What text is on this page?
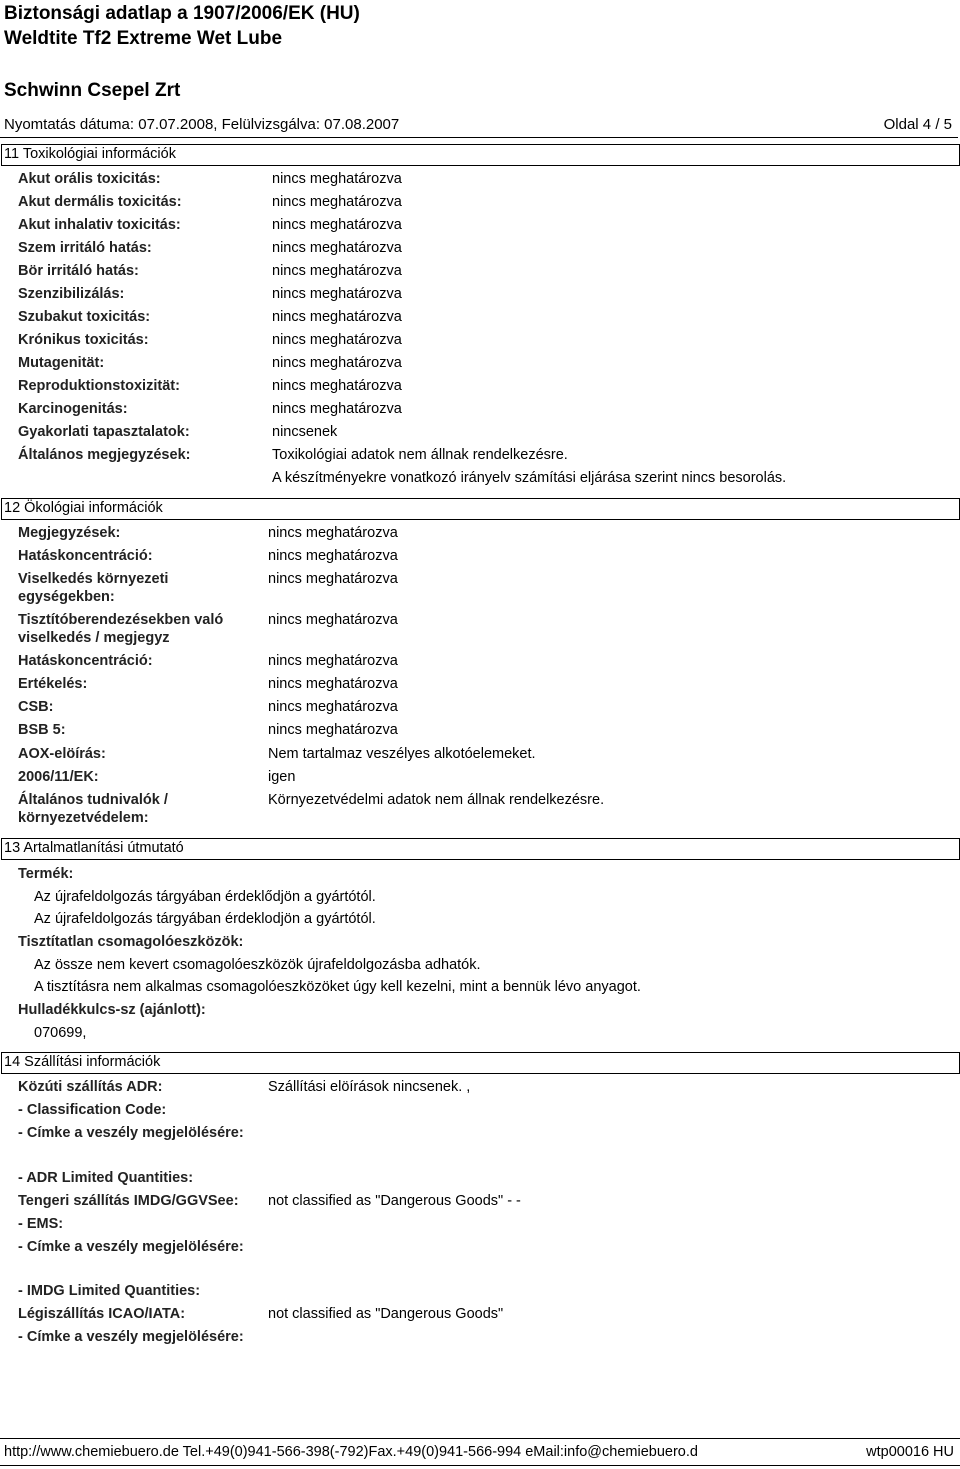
Biztonsági adatlap a 1907/2006/EK (HU)
Weldtite Tf2 Extreme Wet Lube
Schwinn Csepel Zrt
Nyomtatás dátuma: 07.07.2008, Felülvizsgálva: 07.08.2007	Oldal 4 / 5
11 Toxikológiai információk
Akut orális toxicitás:	nincs meghatározva
Akut dermális toxicitás:	nincs meghatározva
Akut inhalativ toxicitás:	nincs meghatározva
Szem irritáló hatás:	nincs meghatározva
Bör irritáló hatás:	nincs meghatározva
Szenzibilizálás:	nincs meghatározva
Szubakut toxicitás:	nincs meghatározva
Krónikus toxicitás:	nincs meghatározva
Mutagenität:	nincs meghatározva
Reproduktionstoxizität:	nincs meghatározva
Karcinogenitás:	nincs meghatározva
Gyakorlati tapasztalatok:	nincsenek
Általános megjegyzések:	Toxikológiai adatok nem állnak rendelkezésre.
A készítményekre vonatkozó irányelv számítási eljárása szerint nincs besorolás.
12 Ökológiai információk
Megjegyzések:	nincs meghatározva
Hatáskoncentráció:	nincs meghatározva
Viselkedés környezeti	nincs meghatározva
egységekben:
Tisztítóberendezésekben való	nincs meghatározva
viselkedés / megjegyz
Hatáskoncentráció:	nincs meghatározva
Ertékelés:	nincs meghatározva
CSB:	nincs meghatározva
BSB 5:	nincs meghatározva
AOX-elöírás:	Nem tartalmaz veszélyes alkotóelemeket.
2006/11/EK:	igen
Általános tudnivalók /	Környezetvédelmi adatok nem állnak rendelkezésre.
környezetvédelem:
13 Artalmatlanítási útmutató
Termék:
Az újrafeldolgozás tárgyában érdeklődjön a gyártótól.
Az újrafeldolgozás tárgyában érdeklodjön a gyártótól.
Tisztítatlan csomagolóeszközök:
Az össze nem kevert csomagolóeszközök újrafeldolgozásba adhatók.
A tisztításra nem alkalmas csomagolóeszközöket úgy kell kezelni, mint a bennük lévo anyagot.
Hulladékkulcs-sz (ajánlott):
070699,
14 Szállítási információk
Közúti szállítás ADR:	Szállítási elöírások nincsenek. ,
- Classification Code:
- Címke a veszély megjelölésére:
- ADR Limited Quantities:
Tengeri szállítás IMDG/GGVSee: not classified as "Dangerous Goods" - -
- EMS:
- Címke a veszély megjelölésére:
- IMDG Limited Quantities:
Légiszállítás ICAO/IATA:	not classified as "Dangerous Goods"
- Címke a veszély megjelölésére:
http://www.chemiebuero.de Tel.+49(0)941-566-398(-792)Fax.+49(0)941-566-994 eMail:info@chemiebuero.d	wtp00016 HU
